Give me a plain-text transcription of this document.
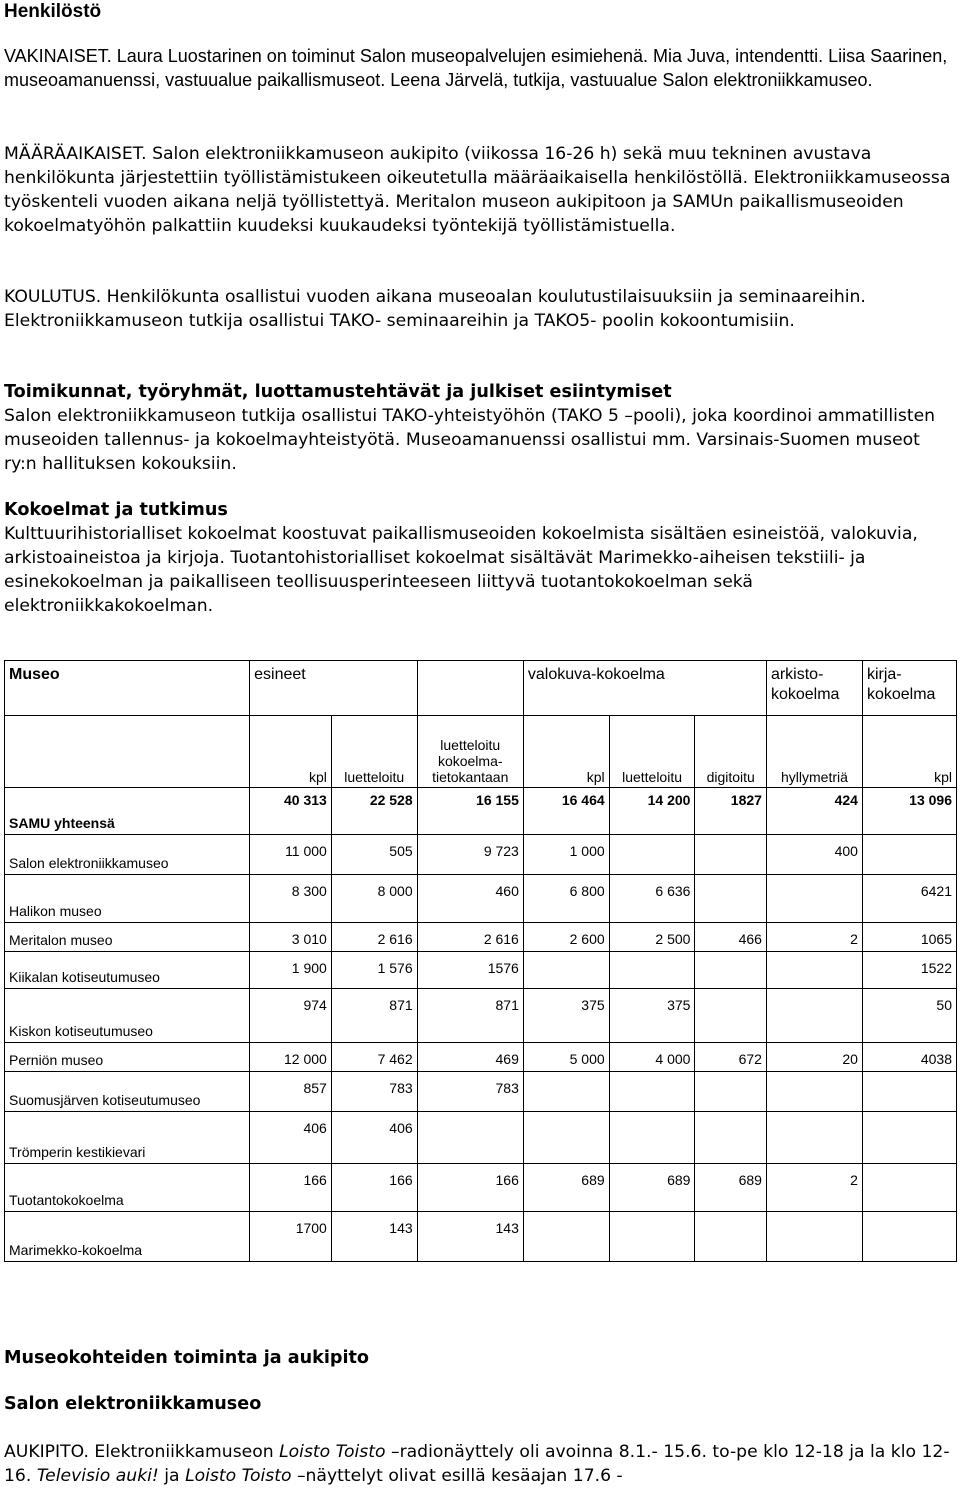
Henkilöstö

VAKINAISET. Laura Luostarinen on toiminut Salon museopalvelujen esimiehenä. Mia Juva, intendentti. Liisa Saarinen, museoamanuenssi, vastuualue paikallismuseot. Leena Järvelä, tutkija, vastuualue Salon elektroniikkamuseo.

MÄÄRÄAIKAISET. Salon elektroniikkamuseon aukipito (viikossa 16-26 h) sekä muu tekninen avustava henkilökunta järjestettiin työllistämistukeen oikeutetulla määräaikaisella henkilöstöllä. Elektroniikkamuseossa työskenteli vuoden aikana neljä työllistettyä. Meritalon museon aukipitoon ja SAMUn paikallismuseoiden kokoelmatyöhön palkattiin kuudeksi kuukaudeksi työntekijä työllistämistuella.

KOULUTUS. Henkilökunta osallistui vuoden aikana museoalan koulutustilaisuuksiin ja seminaareihin. Elektroniikkamuseon tutkija osallistui TAKO- seminaareihin ja TAKO5- poolin kokoontumisiin.

Toimikunnat, työryhmät, luottamustehtävät ja julkiset esiintymiset

Salon elektroniikkamuseon tutkija osallistui TAKO-yhteistyöhön (TAKO 5 –pooli), joka koordinoi ammatillisten museoiden tallennus- ja kokoelmayhteistyötä. Museoamanuenssi osallistui mm. Varsinais-Suomen museot ry:n hallituksen kokouksiin.

Kokoelmat ja tutkimus

Kulttuurihistorialliset kokoelmat koostuvat paikallismuseoiden kokoelmista sisältäen esineistöä, valokuvia, arkistoaineistoa ja kirjoja. Tuotantohistorialliset kokoelmat sisältävät Marimekko-aiheisen tekstiili- ja esinekokoelman ja paikalliseen teollisuusperinteeseen liittyvä tuotantokokoelman sekä elektroniikkakokoelman.

Museo	esineet			valokuva-kokoelma			arkisto-kokoelma	kirja-kokoelma
	kpl	luetteloitu	luetteloitu kokoelma-tietokantaan	kpl	luetteloitu	digitoitu	hyllymetriä	kpl
SAMU yhteensä	40 313	22 528	16 155	16 464	14 200	1827	424	13 096
Salon elektroniikkamuseo	11 000	505	9 723	1 000			400	
Halikon museo	8 300	8 000	460	6 800	6 636			6421
Meritalon museo	3 010	2 616	2 616	2 600	2 500	466	2	1065
Kiikalan kotiseutumuseo	1 900	1 576	1576					1522
Kiskon kotiseutumuseo	974	871	871	375	375			50
Perniön museo	12 000	7 462	469	5 000	4 000	672	20	4038
Suomusjärven kotiseutumuseo	857	783	783					
Trömperin kestikievari	406	406						
Tuotantokokoelma	166	166	166	689	689	689	2	
Marimekko-kokoelma	1700	143	143					
Museokohteiden toiminta ja aukipito
Salon elektroniikkamuseo

AUKIPITO. Elektroniikkamuseon Loisto Toisto –radionäyttely oli avoinna 8.1.- 15.6. to-pe klo 12-18 ja la klo 12-16. Televisio auki! ja Loisto Toisto –näyttelyt olivat esillä kesäajan 17.6 -
